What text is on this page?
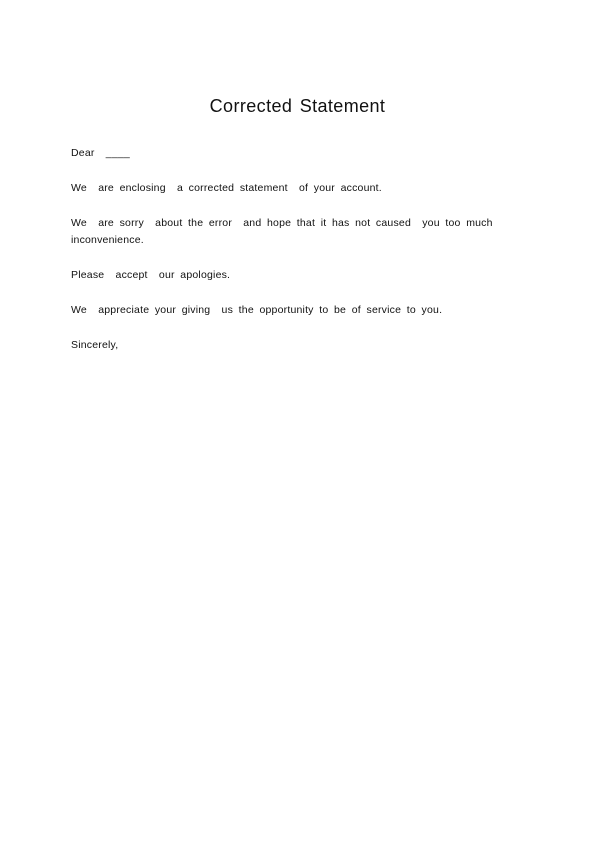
Corrected Statement

Dear  ____

We  are enclosing  a corrected statement  of your account.

We  are sorry  about the error  and hope that it has not caused  you too much inconvenience.

Please  accept  our apologies.

We  appreciate your giving  us the opportunity to be of service to you.

Sincerely,
